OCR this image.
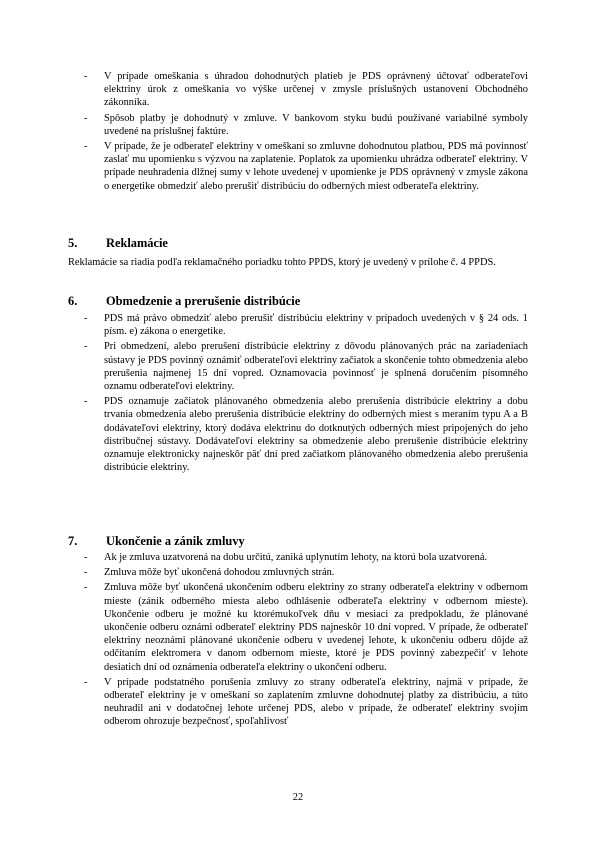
- V prípade omeškania s úhradou dohodnutých platieb je PDS oprávnený účtovať odberateľovi elektriny úrok z omeškania vo výške určenej v zmysle príslušných ustanovení Obchodného zákonníka.
- Spôsob platby je dohodnutý v zmluve. V bankovom styku budú používané variabilné symboly uvedené na príslušnej faktúre.
- V prípade, že je odberateľ elektriny v omeškaní so zmluvne dohodnutou platbou, PDS má povinnosť zaslať mu upomienku s výzvou na zaplatenie. Poplatok za upomienku uhrádza odberateľ elektriny. V prípade neuhradenia dlžnej sumy v lehote uvedenej v upomienke je PDS oprávnený v zmysle zákona o energetike obmedziť alebo prerušiť distribúciu do odberných miest odberateľa elektriny.
5. Reklamácie

Reklamácie sa riadia podľa reklamačného poriadku tohto PPDS, ktorý je uvedený v prílohe č. 4 PPDS.

6. Obmedzenie a prerušenie distribúcie
- PDS má právo obmedziť alebo prerušiť distribúciu elektriny v prípadoch uvedených v § 24 ods. 1 písm. e) zákona o energetike.
- Pri obmedzení, alebo prerušení distribúcie elektriny z dôvodu plánovaných prác na zariadeniach sústavy je PDS povinný oznámiť odberateľovi elektriny začiatok a skončenie tohto obmedzenia alebo prerušenia najmenej 15 dní vopred. Oznamovacia povinnosť je splnená doručením písomného oznamu odberateľovi elektriny.
- PDS oznamuje začiatok plánovaného obmedzenia alebo prerušenia distribúcie elektriny a dobu trvania obmedzenia alebo prerušenia distribúcie elektriny do odberných miest s meraním typu A a B dodávateľovi elektriny, ktorý dodáva elektrinu do dotknutých odberných miest pripojených do jeho distribučnej sústavy. Dodávateľovi elektriny sa obmedzenie alebo prerušenie distribúcie elektriny oznamuje elektronicky najneskôr päť dní pred začiatkom plánovaného obmedzenia alebo prerušenia distribúcie elektriny.
7. Ukončenie a zánik zmluvy
- Ak je zmluva uzatvorená na dobu určitú, zaniká uplynutím lehoty, na ktorú bola uzatvorená.
- Zmluva môže byť ukončená dohodou zmluvných strán.
- Zmluva môže byť ukončená ukončením odberu elektriny zo strany odberateľa elektriny v odbernom mieste (zánik odberného miesta alebo odhlásenie odberateľa elektriny v odbernom mieste). Ukončenie odberu je možné ku ktorémukoľvek dňu v mesiaci za predpokladu, že plánované ukončenie odberu oznámi odberateľ elektriny PDS najneskôr 10 dní vopred. V prípade, že odberateľ elektriny neoznámi plánované ukončenie odberu v uvedenej lehote, k ukončeniu odberu dôjde až odčítaním elektromera v danom odbernom mieste, ktoré je PDS povinný zabezpečiť v lehote desiatich dní od oznámenia odberateľa elektriny o ukončení odberu.
- V prípade podstatného porušenia zmluvy zo strany odberateľa elektriny, najmä v prípade, že odberateľ elektriny je v omeškaní so zaplatením zmluvne dohodnutej platby za distribúciu, a túto neuhradil ani v dodatočnej lehote určenej PDS, alebo v prípade, že odberateľ elektriny svojím odberom ohrozuje bezpečnosť, spoľahlivosť

22
